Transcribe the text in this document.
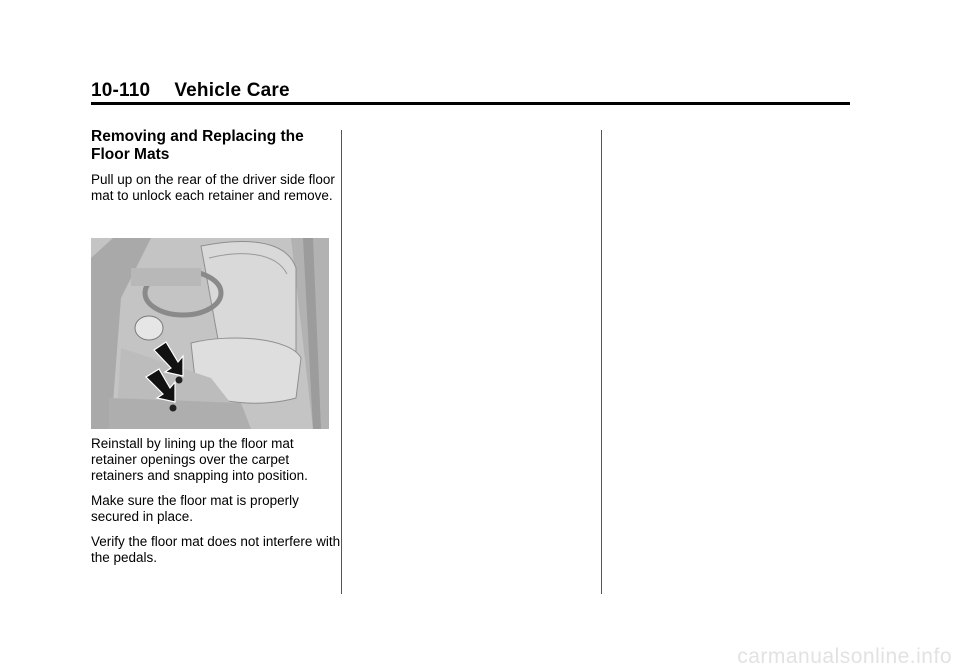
10-110 Vehicle Care
Removing and Replacing the Floor Mats
Pull up on the rear of the driver side floor mat to unlock each retainer and remove.
Reinstall by lining up the floor mat retainer openings over the carpet retainers and snapping into position.
Make sure the floor mat is properly secured in place.
Verify the floor mat does not interfere with the pedals.
carmanualsonline.info
